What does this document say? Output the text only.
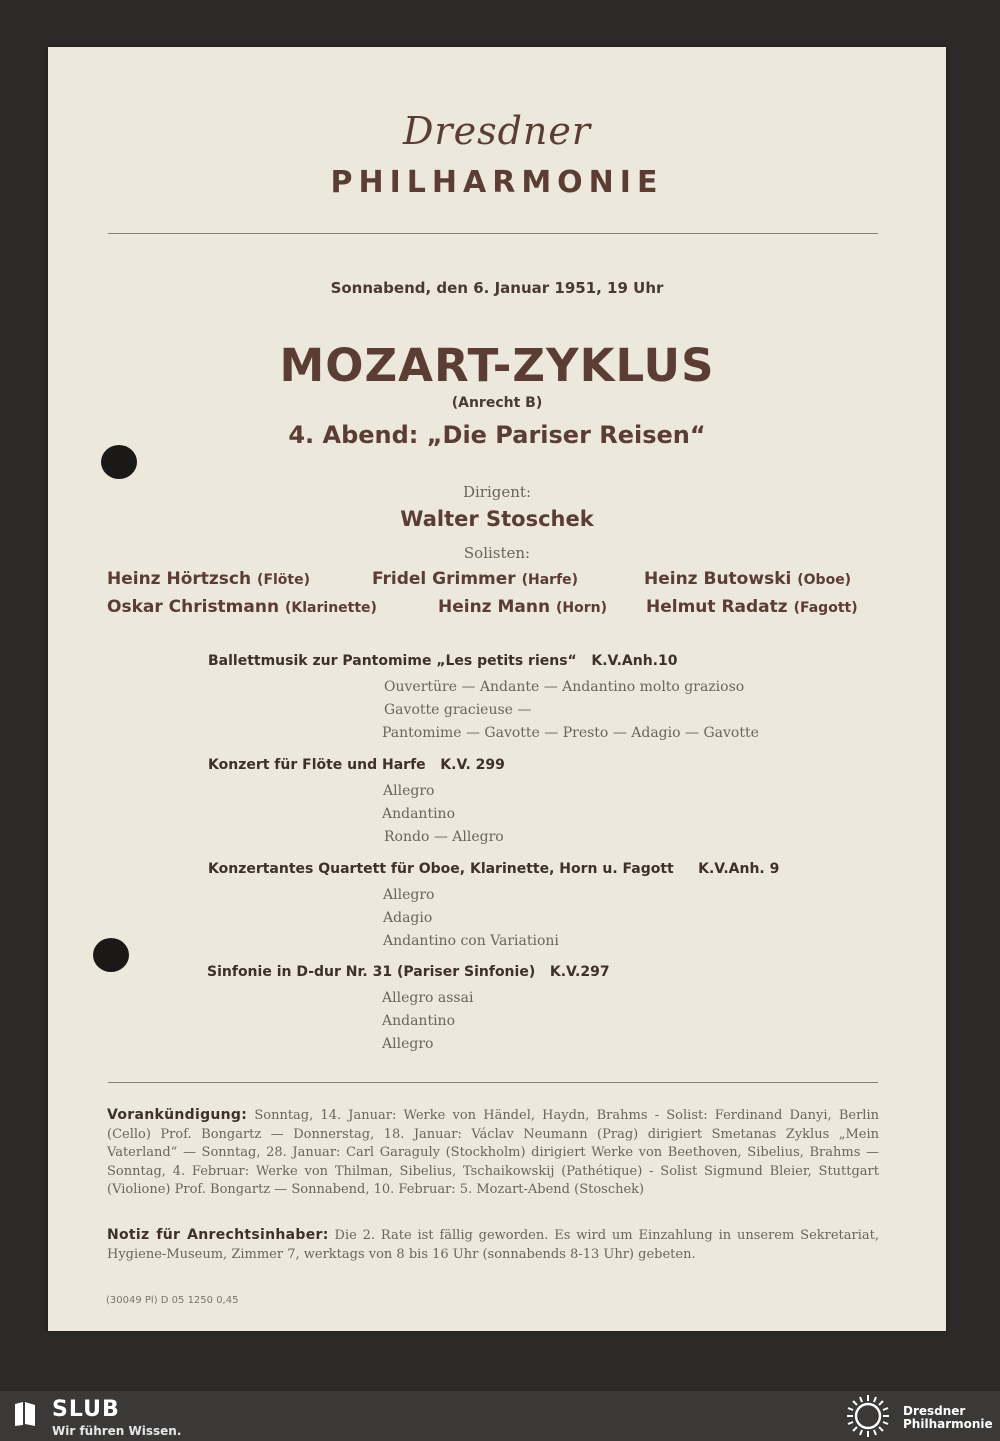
Dresdner
PHILHARMONIE
Sonnabend, den 6. Januar 1951, 19 Uhr
MOZART-ZYKLUS
(Anrecht B)
4. Abend: „Die Pariser Reisen“
Dirigent:
Walter Stoschek
Solisten:
Heinz Hörtzsch (Flöte)	Fridel Grimmer (Harfe)	Heinz Butowski (Oboe)
Oskar Christmann (Klarinette)	Heinz Mann (Horn) Helmut Radatz (Fagott)
Ballettmusik zur Pantomime „Les petits riens“ K.V.Anh.10
Ouvertüre — Andante — Andantino molto grazioso
Gavotte gracieuse —
Pantomime — Gavotte — Presto — Adagio — Gavotte
Konzert für Flöte und Harfe K.V. 299
Allegro
Andantino
Rondo — Allegro
Konzertantes Quartett für Oboe, Klarinette, Horn u. Fagott K.V.Anh. 9
Allegro
Adagio
Andantino con Variationi
Sinfonie in D-dur Nr. 31 (Pariser Sinfonie) K.V.297
Allegro assai
Andantino
Allegro
Vorankündigung: Sonntag, 14. Januar: Werke von Händel, Haydn, Brahms - Solist: Ferdinand Danyi, Berlin (Cello) Prof. Bongartz — Donnerstag, 18. Januar: Václav Neumann (Prag) dirigiert Smetanas Zyklus „Mein Vaterland“ — Sonntag, 28. Januar: Carl Garaguly (Stockholm) dirigiert Werke von Beethoven, Sibelius, Brahms — Sonntag, 4. Februar: Werke von Thilman, Sibelius, Tschaikowskij (Pathétique) - Solist Sigmund Bleier, Stuttgart (Violione) Prof. Bongartz — Sonnabend, 10. Februar: 5. Mozart-Abend (Stoschek)
Notiz für Anrechtsinhaber: Die 2. Rate ist fällig geworden. Es wird um Einzahlung in unserem Sekretariat, Hygiene-Museum, Zimmer 7, werktags von 8 bis 16 Uhr (sonnabends 8-13 Uhr) gebeten.
(30049 Pl) D 05 1250 0,45
SLUB
Wir führen Wissen.
Dresdner
Philharmonie
